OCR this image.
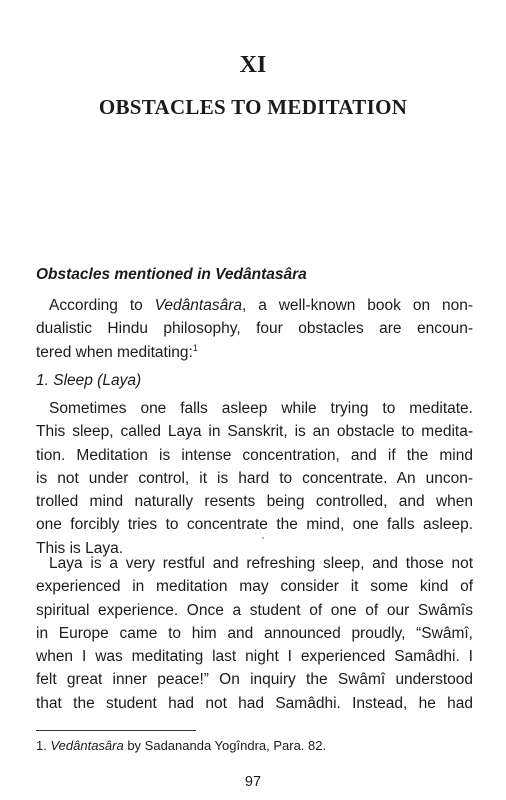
XI
OBSTACLES TO MEDITATION
Obstacles mentioned in Vedântasâra
According to Vedântasâra, a well-known book on non-
dualistic Hindu philosophy, four obstacles are encoun-
tered when meditating:$^1$
1. Sleep (Laya)
Sometimes one falls asleep while trying to meditate.
This sleep, called Laya in Sanskrit, is an obstacle to medita-
tion. Meditation is intense concentration, and if the mind
is not under control, it is hard to concentrate. An uncon-
trolled mind naturally resents being controlled, and when
one forcibly tries to concentrate the mind, one falls asleep.
This is Laya.
Laya is a very restful and refreshing sleep, and those not
experienced in meditation may consider it some kind of
spiritual experience. Once a student of one of our Swâmîs
in Europe came to him and announced proudly, “Swâmî,
when I was meditating last night I experienced Samâdhi. I
felt great inner peace!” On inquiry the Swâmî understood
that the student had not had Samâdhi. Instead, he had
1. Vedântasâra by Sadananda Yogîndra, Para. 82.
97
